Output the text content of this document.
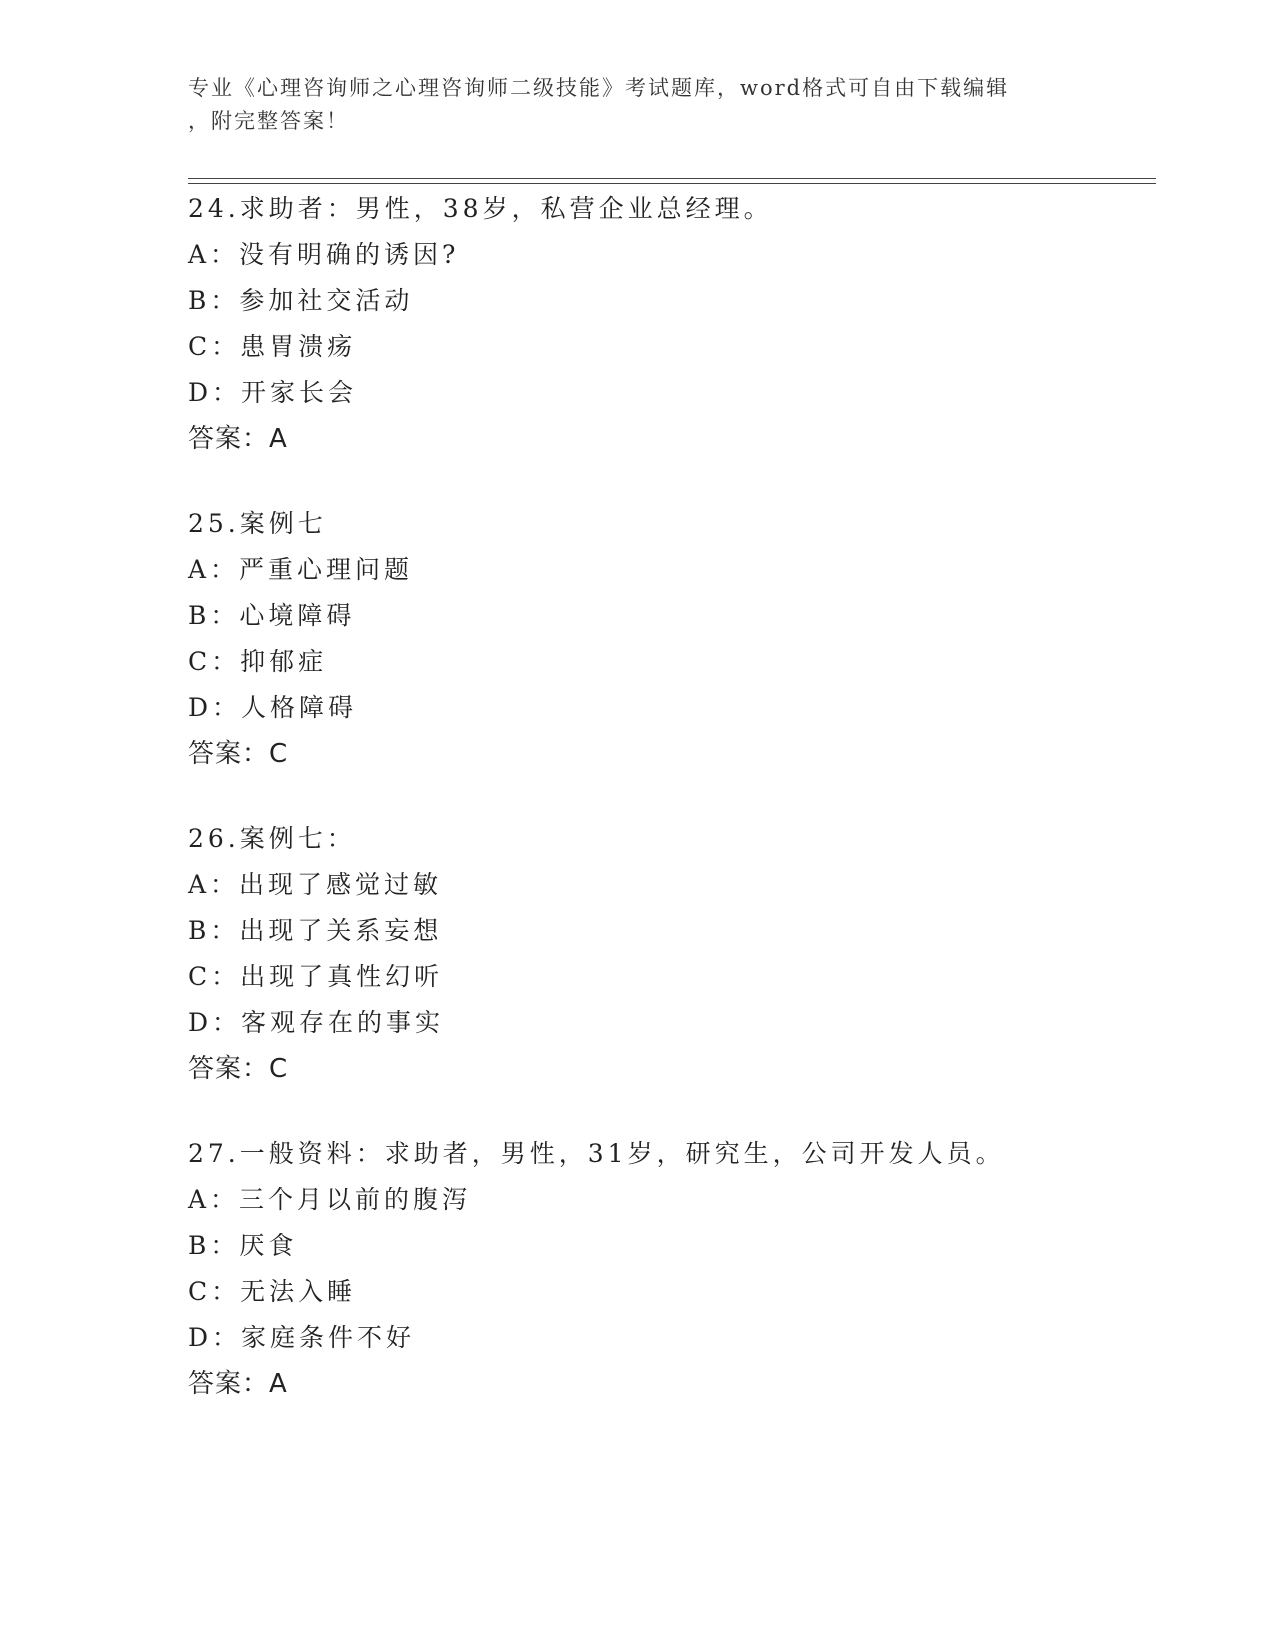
专业《心理咨询师之心理咨询师二级技能》考试题库，word格式可自由下载编辑
，附完整答案！
24.求助者：男性，38岁，私营企业总经理。
A：没有明确的诱因?
B：参加社交活动
C：患胃溃疡
D：开家长会
答案：A
25.案例七
A：严重心理问题
B：心境障碍
C：抑郁症
D：人格障碍
答案：C
26.案例七：
A：出现了感觉过敏
B：出现了关系妄想
C：出现了真性幻听
D：客观存在的事实
答案：C
27.一般资料：求助者，男性，31岁，研究生，公司开发人员。
A：三个月以前的腹泻
B：厌食
C：无法入睡
D：家庭条件不好
答案：A
